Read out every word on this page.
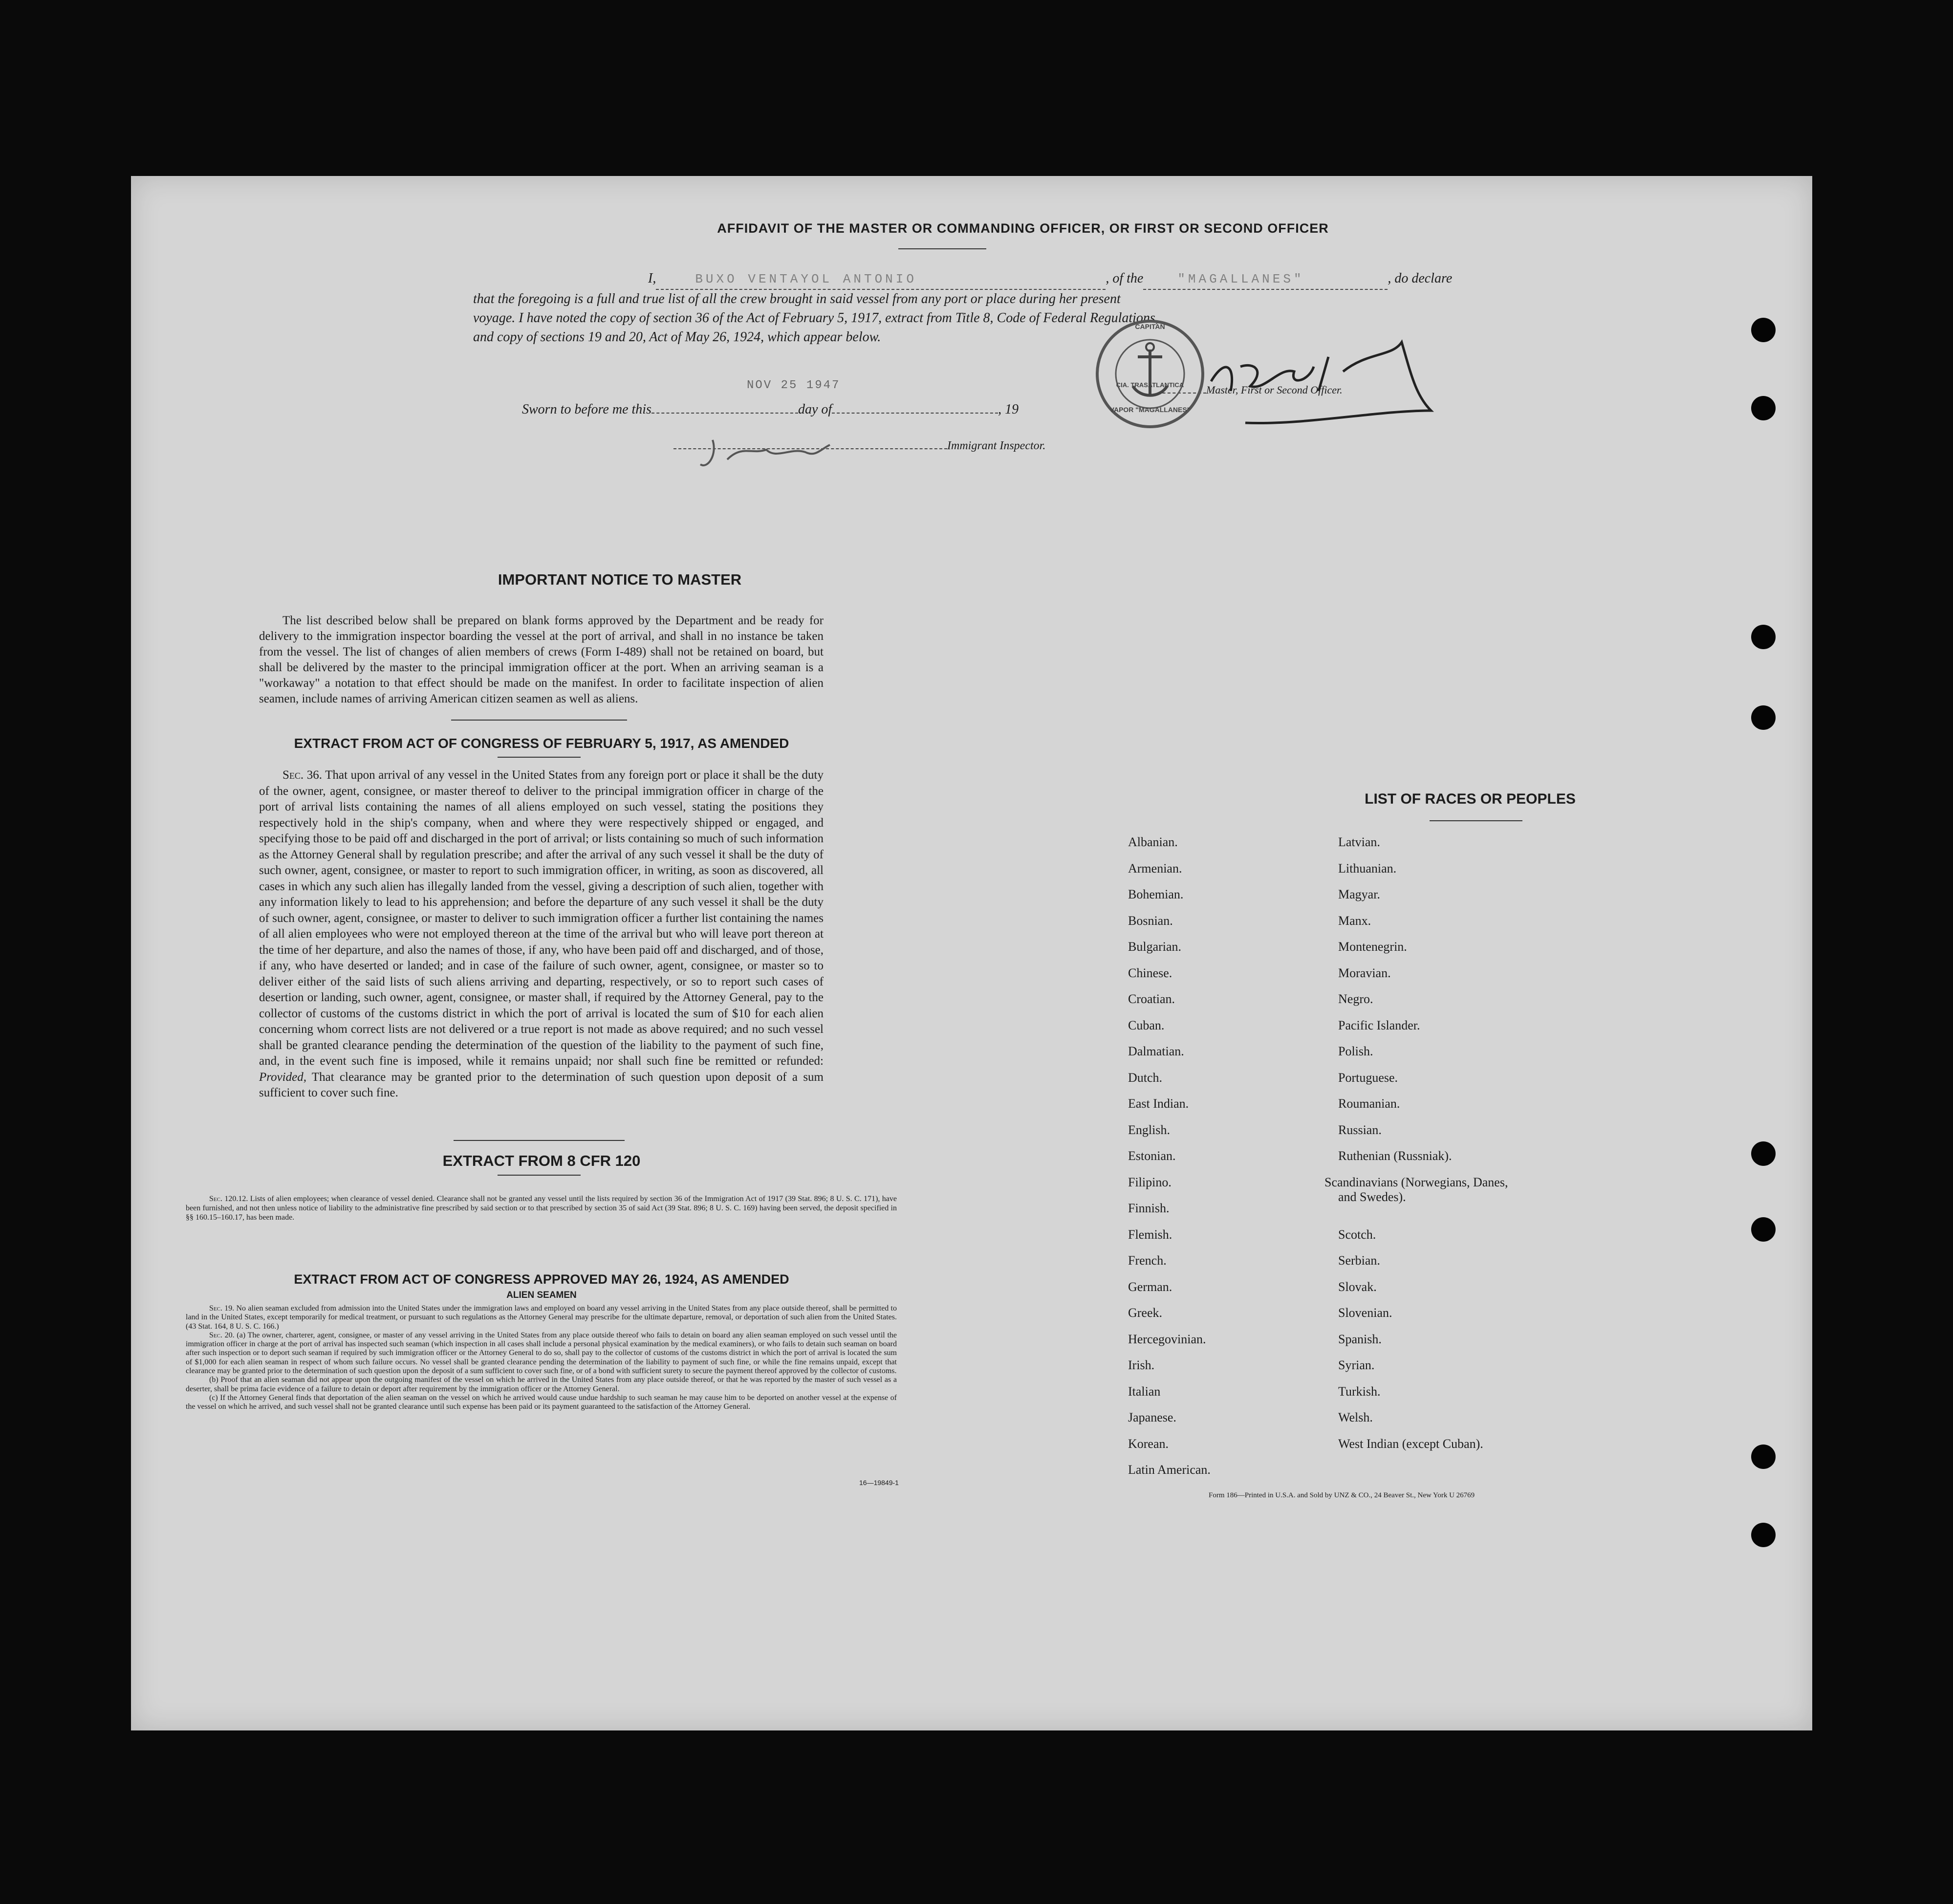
AFFIDAVIT OF THE MASTER OR COMMANDING OFFICER, OR FIRST OR SECOND OFFICER
I,	BUXO VENTAYOL ANTONIO	, of the	"MAGALLANES"	, do declare
that the foregoing is a full and true list of all the crew brought in said vessel from any port or place during her present
voyage. I have noted the copy of section 36 of the Act of February 5, 1917, extract from Title 8, Code of Federal Regulations,
and copy of sections 19 and 20, Act of May 26, 1924, which appear below.
NOV 25 1947
Sworn to before me this	day of	, 19
Master, First or Second Officer.
CAPITAN
CIA. TRASATLANTICA
VAPOR "MAGALLANES"
Immigrant Inspector.
IMPORTANT NOTICE TO MASTER

The list described below shall be prepared on blank forms approved by the Department and be ready for delivery to the immigration inspector boarding the vessel at the port of arrival, and shall in no instance be taken from the vessel. The list of changes of alien members of crews (Form I-489) shall not be retained on board, but shall be delivered by the master to the principal immigration officer at the port. When an arriving seaman is a "workaway" a notation to that effect should be made on the manifest. In order to facilitate inspection of alien seamen, include names of arriving American citizen seamen as well as aliens.

EXTRACT FROM ACT OF CONGRESS OF FEBRUARY 5, 1917, AS AMENDED

Sec. 36. That upon arrival of any vessel in the United States from any foreign port or place it shall be the duty of the owner, agent, consignee, or master thereof to deliver to the principal immigration officer in charge of the port of arrival lists containing the names of all aliens employed on such vessel, stating the positions they respectively hold in the ship's company, when and where they were respectively shipped or engaged, and specifying those to be paid off and discharged in the port of arrival; or lists containing so much of such information as the Attorney General shall by regulation prescribe; and after the arrival of any such vessel it shall be the duty of such owner, agent, consignee, or master to report to such immigration officer, in writing, as soon as discovered, all cases in which any such alien has illegally landed from the vessel, giving a description of such alien, together with any information likely to lead to his apprehension; and before the departure of any such vessel it shall be the duty of such owner, agent, consignee, or master to deliver to such immigration officer a further list containing the names of all alien employees who were not employed thereon at the time of the arrival but who will leave port thereon at the time of her departure, and also the names of those, if any, who have been paid off and discharged, and of those, if any, who have deserted or landed; and in case of the failure of such owner, agent, consignee, or master so to deliver either of the said lists of such aliens arriving and departing, respectively, or so to report such cases of desertion or landing, such owner, agent, consignee, or master shall, if required by the Attorney General, pay to the collector of customs of the customs district in which the port of arrival is located the sum of $10 for each alien concerning whom correct lists are not delivered or a true report is not made as above required; and no such vessel shall be granted clearance pending the determination of the question of the liability to the payment of such fine, and, in the event such fine is imposed, while it remains unpaid; nor shall such fine be remitted or refunded: Provided, That clearance may be granted prior to the determination of such question upon deposit of a sum sufficient to cover such fine.

EXTRACT FROM 8 CFR 120

Sec. 120.12. Lists of alien employees; when clearance of vessel denied. Clearance shall not be granted any vessel until the lists required by section 36 of the Immigration Act of 1917 (39 Stat. 896; 8 U. S. C. 171), have been furnished, and not then unless notice of liability to the administrative fine prescribed by said section or to that prescribed by section 35 of said Act (39 Stat. 896; 8 U. S. C. 169) having been served, the deposit specified in §§ 160.15–160.17, has been made.

EXTRACT FROM ACT OF CONGRESS APPROVED MAY 26, 1924, AS AMENDED
ALIEN SEAMEN

Sec. 19. No alien seaman excluded from admission into the United States under the immigration laws and employed on board any vessel arriving in the United States from any place outside thereof, shall be permitted to land in the United States, except temporarily for medical treatment, or pursuant to such regulations as the Attorney General may prescribe for the ultimate departure, removal, or deportation of such alien from the United States. (43 Stat. 164, 8 U. S. C. 166.)

Sec. 20. (a) The owner, charterer, agent, consignee, or master of any vessel arriving in the United States from any place outside thereof who fails to detain on board any alien seaman employed on such vessel until the immigration officer in charge at the port of arrival has inspected such seaman (which inspection in all cases shall include a personal physical examination by the medical examiners), or who fails to detain such seaman on board after such inspection or to deport such seaman if required by such immigration officer or the Attorney General to do so, shall pay to the collector of customs of the customs district in which the port of arrival is located the sum of $1,000 for each alien seaman in respect of whom such failure occurs. No vessel shall be granted clearance pending the determination of the liability to payment of such fine, or while the fine remains unpaid, except that clearance may be granted prior to the determination of such question upon the deposit of a sum sufficient to cover such fine, or of a bond with sufficient surety to secure the payment thereof approved by the collector of customs.

(b) Proof that an alien seaman did not appear upon the outgoing manifest of the vessel on which he arrived in the United States from any place outside thereof, or that he was reported by the master of such vessel as a deserter, shall be prima facie evidence of a failure to detain or deport after requirement by the immigration officer or the Attorney General.

(c) If the Attorney General finds that deportation of the alien seaman on the vessel on which he arrived would cause undue hardship to such seaman he may cause him to be deported on another vessel at the expense of the vessel on which he arrived, and such vessel shall not be granted clearance until such expense has been paid or its payment guaranteed to the satisfaction of the Attorney General.

16—19849-1
LIST OF RACES OR PEOPLES
Albanian.
Armenian.
Bohemian.
Bosnian.
Bulgarian.
Chinese.
Croatian.
Cuban.
Dalmatian.
Dutch.
East Indian.
English.
Estonian.
Filipino.
Finnish.
Flemish.
French.
German.
Greek.
Hercegovinian.
Irish.
Italian
Japanese.
Korean.
Latin American.
Latvian.
Lithuanian.
Magyar.
Manx.
Montenegrin.
Moravian.
Negro.
Pacific Islander.
Polish.
Portuguese.
Roumanian.
Russian.
Ruthenian (Russniak).
Scandinavians (Norwegians, Danes, and Swedes).
Scotch.
Serbian.
Slovak.
Slovenian.
Spanish.
Syrian.
Turkish.
Welsh.
West Indian (except Cuban).
Form 186—Printed in U.S.A. and Sold by UNZ & CO., 24 Beaver St., New York U 26769
